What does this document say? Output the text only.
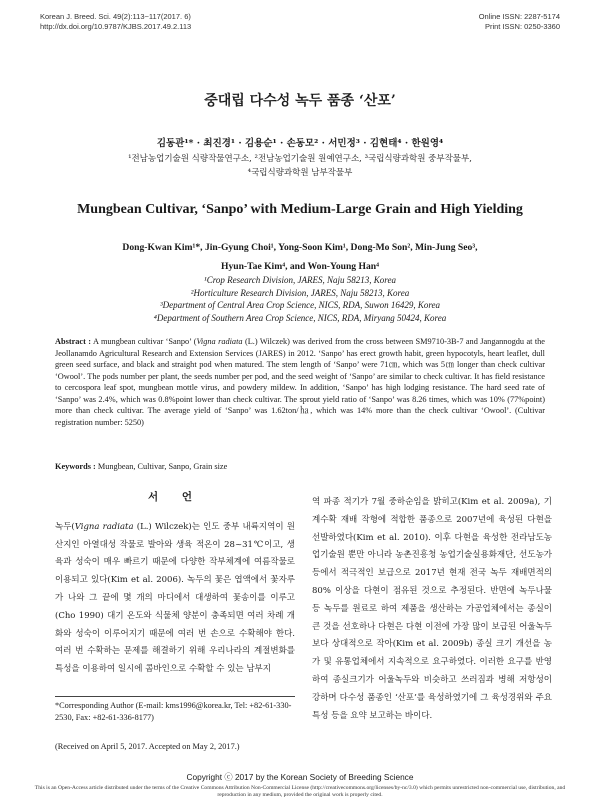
Korean J. Breed. Sci. 49(2):113~117(2017. 6)
http://dx.doi.org/10.9787/KJBS.2017.49.2.113
Online ISSN: 2287-5174
Print ISSN: 0250-3360
중대립 다수성 녹두 품종 ‘산포’
김동관¹* · 최진경¹ · 김용순¹ · 손동모² · 서민정³ · 김현태⁴ · 한원영⁴
¹전남농업기술원 식량작물연구소, ²전남농업기술원 원예연구소, ³국립식량과학원 중부작물부,
⁴국립식량과학원 남부작물부
Mungbean Cultivar, ‘Sanpo’ with Medium-Large Grain and High Yielding
Dong-Kwan Kim¹*, Jin-Gyung Choi¹, Yong-Soon Kim¹, Dong-Mo Son², Min-Jung Seo³,
Hyun-Tae Kim⁴, and Won-Young Han⁴
¹Crop Research Division, JARES, Naju 58213, Korea
²Horticulture Research Division, JARES, Naju 58213, Korea
³Department of Central Area Crop Science, NICS, RDA, Suwon 16429, Korea
⁴Department of Southern Area Crop Science, NICS, RDA, Miryang 50424, Korea
Abstract : A mungbean cultivar ‘Sanpo’ (Vigna radiata (L.) Wilczek) was derived from the cross between SM9710-3B-7 and Jangannogdu at the Jeollanamdo Agricultural Research and Extension Services (JARES) in 2012. ‘Sanpo’ has erect growth habit, green hypocotyls, heart leaflet, dull green seed surface, and black and straight pod when matured. The stem length of ‘Sanpo’ were 71㎝, which was 5㎝ longer than check cultivar ‘Owool’. The pods number per plant, the seeds number per pod, and the seed weight of ‘Sanpo’ are similar to check cultivar. It has field resistance to cercospora leaf spot, mungbean mottle virus, and powdery mildew. In addition, ‘Sanpo’ has high lodging resistance. The hard seed rate of ‘Sanpo’ was 2.4%, which was 0.8%point lower than check cultivar. The sprout yield ratio of ‘Sanpo’ was 8.26 times, which was 10% (77%point) more than check cultivar. The average yield of ‘Sanpo’ was 1.62ton/㏊, which was 14% more than the check cultivar ‘Owool’. (Cultivar registration number: 5250)
Keywords : Mungbean, Cultivar, Sanpo, Grain size
서 언
녹두(Vigna radiata (L.) Wilczek)는 인도 중부 내륙지역이 원산지인 아열대성 작물로 발아와 생육 적온이 28~31℃이고, 생육과 성숙이 매우 빠르기 때문에 다양한 작부체계에 여름작물로 이용되고 있다(Kim et al. 2006). 녹두의 꽃은 엽액에서 꽃자루가 나와 그 끝에 몇 개의 마디에서 대생하여 꽃송이를 이루고(Cho 1990) 대기 온도와 식물체 양분이 충족되면 여러 차례 개화와 성숙이 이루어지기 때문에 여러 번 손으로 수확해야 한다. 여러 번 수확하는 문제를 해결하기 위해 우리나라의 계절변화를 특성을 이용하여 일시에 콤바인으로 수확할 수 있는 남부지
역 파종 적기가 7월 중하순임을 밝히고(Kim et al. 2009a), 기계수확 재배 작형에 적합한 품종으로 2007년에 육성된 다현을 선발하였다(Kim et al. 2010). 이후 다현을 육성한 전라남도농업기술원 뿐만 아니라 농촌진흥청 농업기술실용화재단, 선도농가 등에서 적극적인 보급으로 2017년 현재 전국 녹두 재배면적의 80% 이상을 다현이 점유된 것으로 추정된다. 반면에 녹두나물 등 녹두를 원료로 하여 제품을 생산하는 가공업체에서는 종실이 큰 것을 선호하나 다현은 다현 이전에 가장 많이 보급된 어울녹두보다 상대적으로 작아(Kim et al. 2009b) 종실 크기 개선을 농가 및 유통업체에서 지속적으로 요구하였다. 이러한 요구를 반영하여 종실크기가 어울녹두와 비슷하고 쓰러짐과 병해 저항성이 강하며 다수성 품종인 ‘산포’를 육성하였기에 그 육성경위와 주요특성 등을 요약 보고하는 바이다.
*Corresponding Author (E-mail: kms1996@korea.kr, Tel: +82-61-330-2530, Fax: +82-61-336-8177)
(Received on April 5, 2017. Accepted on May 2, 2017.)
Copyright ⓒ 2017 by the Korean Society of Breeding Science
This is an Open-Access article distributed under the terms of the Creative Commons Attribution Non-Commercial License (http://creativecommons.org/licenses/by-nc/3.0) which permits unrestricted non-commercial use, distribution, and reproduction in any medium, provided the original work is properly cited.
